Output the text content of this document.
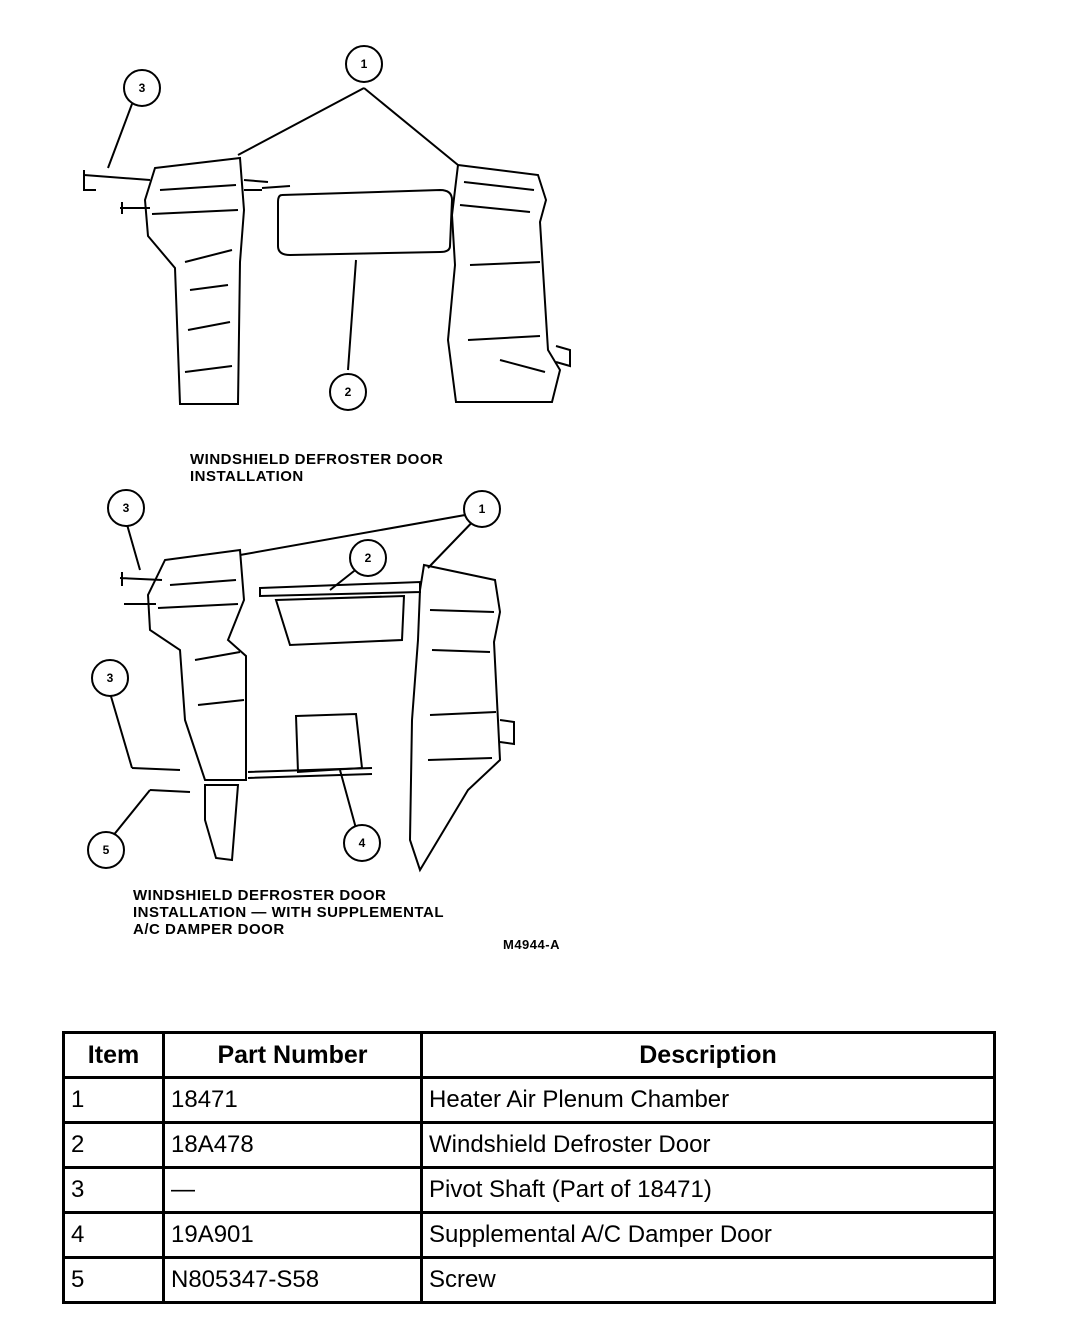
1
2
3
1
2
3
3
4
5

WINDSHIELD DEFROSTER DOOR
INSTALLATION

WINDSHIELD DEFROSTER DOOR
INSTALLATION — WITH SUPPLEMENTAL
A/C DAMPER DOOR

M4944-A
Item	Part Number	Description
1	18471	Heater Air Plenum Chamber
2	18A478	Windshield Defroster Door
3	—	Pivot Shaft (Part of 18471)
4	19A901	Supplemental A/C Damper Door
5	N805347-S58	Screw
